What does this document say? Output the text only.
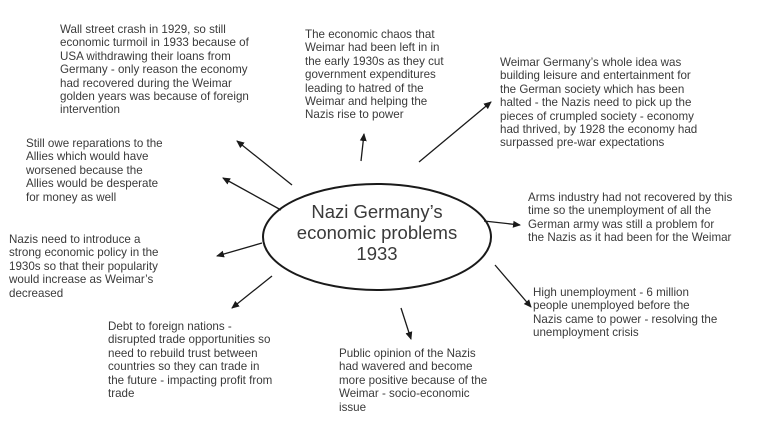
Nazi Germany’s
economic problems
1933
Wall street crash in 1929, so still
economic turmoil in 1933 because of
USA withdrawing their loans from
Germany - only reason the economy
had recovered during the Weimar
golden years was because of foreign
intervention
The economic chaos that
Weimar had been left in in
the early 1930s as they cut
government expenditures
leading to hatred of the
Weimar and helping the
Nazis rise to power
Weimar Germany’s whole idea was
building leisure and entertainment for
the German society which has been
halted - the Nazis need to pick up the
pieces of crumpled society - economy
had thrived, by 1928 the economy had
surpassed pre-war expectations
Still owe reparations to the
Allies which would have
worsened because the
Allies would be desperate
for money as well	Arms industry had not recovered by this
time so the unemployment of all the
German army was still a problem for
the Nazis as it had been for the Weimar
Nazis need to introduce a
strong economic policy in the
1930s so that their popularity
would increase as Weimar’s
decreased	High unemployment - 6 million
people unemployed before the
Nazis came to power - resolving the
unemployment crisis
Debt to foreign nations -
disrupted trade opportunities so
need to rebuild trust between
countries so they can trade in
the future - impacting profit from
trade
Public opinion of the Nazis
had wavered and become
more positive because of the
Weimar - socio-economic
issue
